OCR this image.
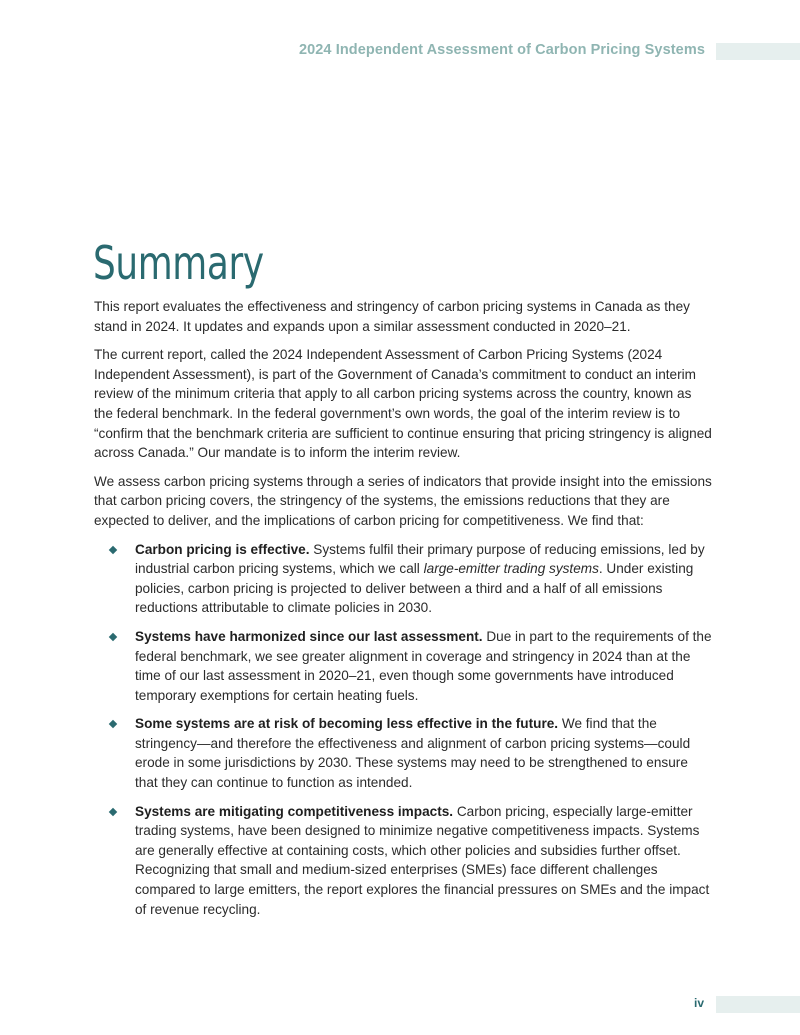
2024 Independent Assessment of Carbon Pricing Systems
Summary

This report evaluates the effectiveness and stringency of carbon pricing systems in Canada as they stand in 2024. It updates and expands upon a similar assessment conducted in 2020–21.

The current report, called the 2024 Independent Assessment of Carbon Pricing Systems (2024 Independent Assessment), is part of the Government of Canada’s commitment to conduct an interim review of the minimum criteria that apply to all carbon pricing systems across the country, known as the federal benchmark. In the federal government’s own words, the goal of the interim review is to “confirm that the benchmark criteria are sufficient to continue ensuring that pricing stringency is aligned across Canada.” Our mandate is to inform the interim review.

We assess carbon pricing systems through a series of indicators that provide insight into the emissions that carbon pricing covers, the stringency of the systems, the emissions reductions that they are expected to deliver, and the implications of carbon pricing for competitiveness. We find that:

Carbon pricing is effective. Systems fulfil their primary purpose of reducing emissions, led by industrial carbon pricing systems, which we call large-emitter trading systems. Under existing policies, carbon pricing is projected to deliver between a third and a half of all emissions reductions attributable to climate policies in 2030.
Systems have harmonized since our last assessment. Due in part to the requirements of the federal benchmark, we see greater alignment in coverage and stringency in 2024 than at the time of our last assessment in 2020–21, even though some governments have introduced temporary exemptions for certain heating fuels.
Some systems are at risk of becoming less effective in the future. We find that the stringency—and therefore the effectiveness and alignment of carbon pricing systems—could erode in some jurisdictions by 2030. These systems may need to be strengthened to ensure that they can continue to function as intended.
Systems are mitigating competitiveness impacts. Carbon pricing, especially large-emitter trading systems, have been designed to minimize negative competitiveness impacts. Systems are generally effective at containing costs, which other policies and subsidies further offset. Recognizing that small and medium-sized enterprises (SMEs) face different challenges compared to large emitters, the report explores the financial pressures on SMEs and the impact of revenue recycling.
iv
